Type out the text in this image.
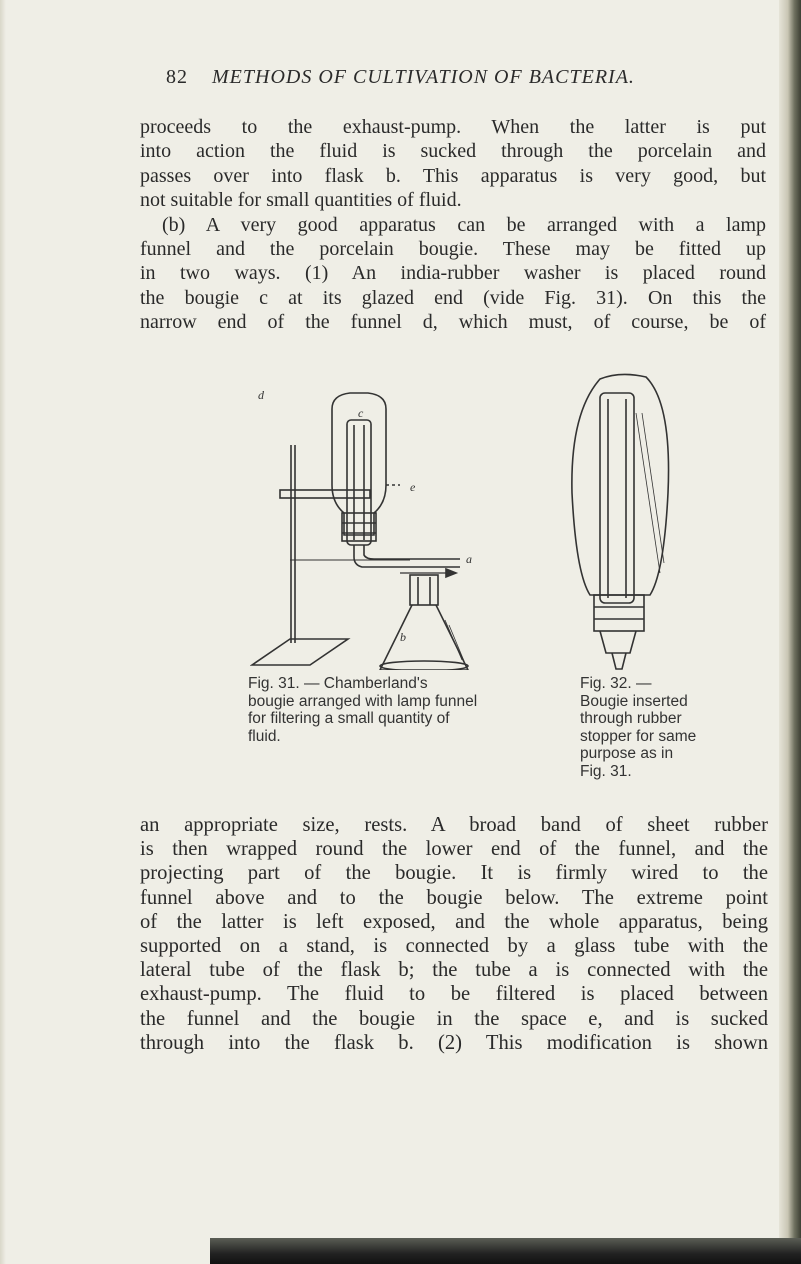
82 METHODS OF CULTIVATION OF BACTERIA.

proceeds to the exhaust-pump. When the latter is put
into action the fluid is sucked through the porcelain and
passes over into flask b. This apparatus is very good, but
not suitable for small quantities of fluid.
(b) A very good apparatus can be arranged with a lamp
funnel and the porcelain bougie. These may be fitted up
in two ways. (1) An india-rubber washer is placed round
the bougie c at its glazed end (vide Fig. 31). On this the
narrow end of the funnel d, which must, of course, be of

d
c
e
a
b

Fig. 31. — Chamberland's
bougie arranged with lamp funnel
for filtering a small quantity of
fluid.

Fig. 32. —
Bougie inserted
through rubber
stopper for same
purpose as in
Fig. 31.

an appropriate size, rests. A broad band of sheet rubber
is then wrapped round the lower end of the funnel, and the
projecting part of the bougie. It is firmly wired to the
funnel above and to the bougie below. The extreme point
of the latter is left exposed, and the whole apparatus, being
supported on a stand, is connected by a glass tube with the
lateral tube of the flask b; the tube a is connected with the
exhaust-pump. The fluid to be filtered is placed between
the funnel and the bougie in the space e, and is sucked
through into the flask b. (2) This modification is shown
